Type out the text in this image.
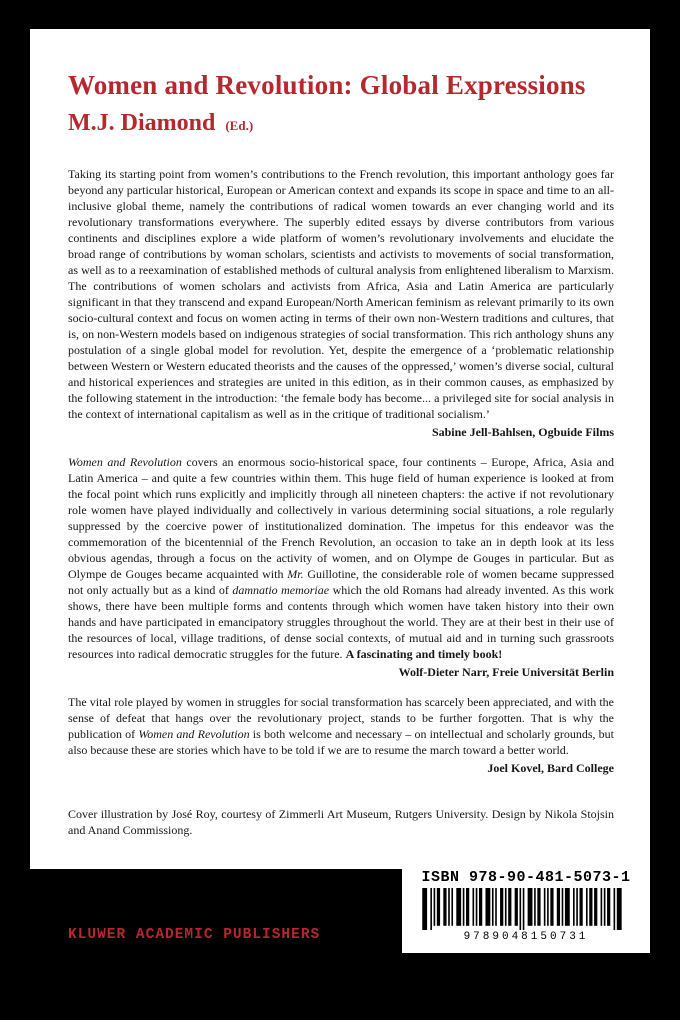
Women and Revolution: Global Expressions
M.J. Diamond (Ed.)

Taking its starting point from women’s contributions to the French revolution, this important anthology goes far beyond any particular historical, European or American context and expands its scope in space and time to an all-inclusive global theme, namely the contributions of radical women towards an ever changing world and its revolutionary transformations everywhere. The superbly edited essays by diverse contributors from various continents and disciplines explore a wide platform of women’s revolutionary involvements and elucidate the broad range of contributions by woman scholars, scientists and activists to movements of social transformation, as well as to a reexamination of established methods of cultural analysis from enlightened liberalism to Marxism. The contributions of women scholars and activists from Africa, Asia and Latin America are particularly significant in that they transcend and expand European/North American feminism as relevant primarily to its own socio-cultural context and focus on women acting in terms of their own non-Western traditions and cultures, that is, on non-Western models based on indigenous strategies of social transformation. This rich anthology shuns any postulation of a single global model for revolution. Yet, despite the emergence of a ‘problematic relationship between Western or Western educated theorists and the causes of the oppressed,’ women’s diverse social, cultural and historical experiences and strategies are united in this edition, as in their common causes, as emphasized by the following statement in the introduction: ‘the female body has become... a privileged site for social analysis in the context of international capitalism as well as in the critique of traditional socialism.’

Sabine Jell-Bahlsen, Ogbuide Films

Women and Revolution covers an enormous socio-historical space, four continents – Europe, Africa, Asia and Latin America – and quite a few countries within them. This huge field of human experience is looked at from the focal point which runs explicitly and implicitly through all nineteen chapters: the active if not revolutionary role women have played individually and collectively in various determining social situations, a role regularly suppressed by the coercive power of institutionalized domination. The impetus for this endeavor was the commemoration of the bicentennial of the French Revolution, an occasion to take an in depth look at its less obvious agendas, through a focus on the activity of women, and on Olympe de Gouges in particular. But as Olympe de Gouges became acquainted with Mr. Guillotine, the considerable role of women became suppressed not only actually but as a kind of damnatio memoriae which the old Romans had already invented. As this work shows, there have been multiple forms and contents through which women have taken history into their own hands and have participated in emancipatory struggles throughout the world. They are at their best in their use of the resources of local, village traditions, of dense social contexts, of mutual aid and in turning such grassroots resources into radical democratic struggles for the future. A fascinating and timely book!

Wolf-Dieter Narr, Freie Universität Berlin

The vital role played by women in struggles for social transformation has scarcely been appreciated, and with the sense of defeat that hangs over the revolutionary project, stands to be further forgotten. That is why the publication of Women and Revolution is both welcome and necessary – on intellectual and scholarly grounds, but also because these are stories which have to be told if we are to resume the march toward a better world.

Joel Kovel, Bard College

Cover illustration by José Roy, courtesy of Zimmerli Art Museum, Rutgers University. Design by Nikola Stojsin and Anand Commissiong.

KLUWER ACADEMIC PUBLISHERS
ISBN 978-90-481-5073-1
9789048150731
